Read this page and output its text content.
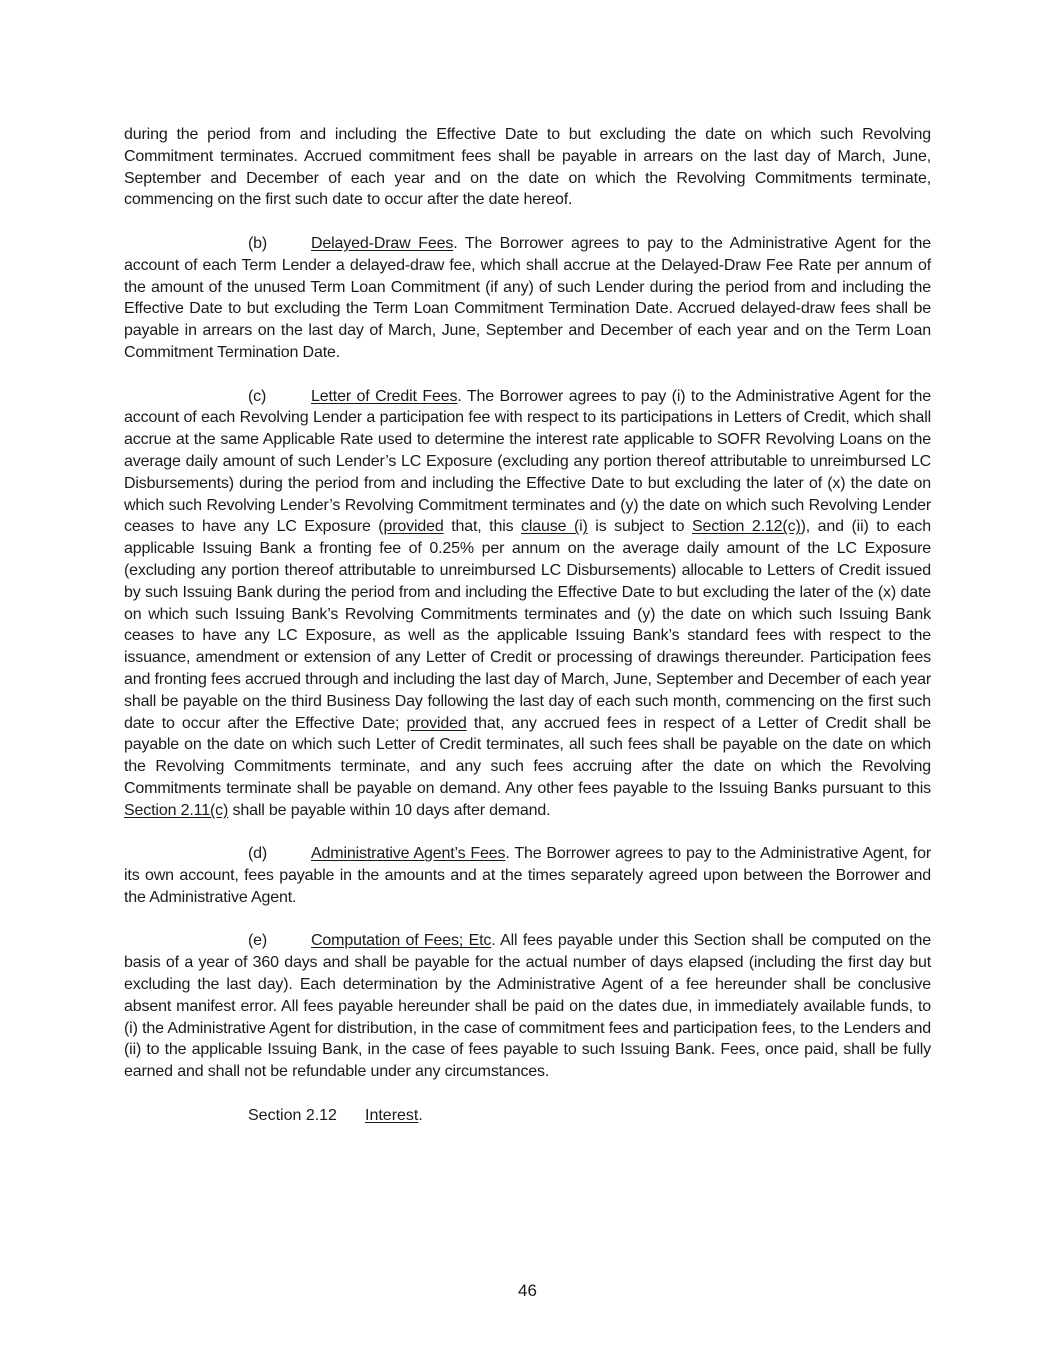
during the period from and including the Effective Date to but excluding the date on which such Revolving Commitment terminates. Accrued commitment fees shall be payable in arrears on the last day of March, June, September and December of each year and on the date on which the Revolving Commitments terminate, commencing on the first such date to occur after the date hereof.

(b)	Delayed-Draw Fees. The Borrower agrees to pay to the Administrative Agent for the account of each Term Lender a delayed-draw fee, which shall accrue at the Delayed-Draw Fee Rate per annum of the amount of the unused Term Loan Commitment (if any) of such Lender during the period from and including the Effective Date to but excluding the Term Loan Commitment Termination Date. Accrued delayed-draw fees shall be payable in arrears on the last day of March, June, September and December of each year and on the Term Loan Commitment Termination Date.

(c)	Letter of Credit Fees. The Borrower agrees to pay (i) to the Administrative Agent for the account of each Revolving Lender a participation fee with respect to its participations in Letters of Credit, which shall accrue at the same Applicable Rate used to determine the interest rate applicable to SOFR Revolving Loans on the average daily amount of such Lender’s LC Exposure (excluding any portion thereof attributable to unreimbursed LC Disbursements) during the period from and including the Effective Date to but excluding the later of (x) the date on which such Revolving Lender’s Revolving Commitment terminates and (y) the date on which such Revolving Lender ceases to have any LC Exposure (provided that, this clause (i) is subject to Section 2.12(c)), and (ii) to each applicable Issuing Bank a fronting fee of 0.25% per annum on the average daily amount of the LC Exposure (excluding any portion thereof attributable to unreimbursed LC Disbursements) allocable to Letters of Credit issued by such Issuing Bank during the period from and including the Effective Date to but excluding the later of the (x) date on which such Issuing Bank’s Revolving Commitments terminates and (y) the date on which such Issuing Bank ceases to have any LC Exposure, as well as the applicable Issuing Bank’s standard fees with respect to the issuance, amendment or extension of any Letter of Credit or processing of drawings thereunder. Participation fees and fronting fees accrued through and including the last day of March, June, September and December of each year shall be payable on the third Business Day following the last day of each such month, commencing on the first such date to occur after the Effective Date; provided that, any accrued fees in respect of a Letter of Credit shall be payable on the date on which such Letter of Credit terminates, all such fees shall be payable on the date on which the Revolving Commitments terminate, and any such fees accruing after the date on which the Revolving Commitments terminate shall be payable on demand. Any other fees payable to the Issuing Banks pursuant to this Section 2.11(c) shall be payable within 10 days after demand.

(d)	Administrative Agent’s Fees. The Borrower agrees to pay to the Administrative Agent, for its own account, fees payable in the amounts and at the times separately agreed upon between the Borrower and the Administrative Agent.

(e)	Computation of Fees; Etc. All fees payable under this Section shall be computed on the basis of a year of 360 days and shall be payable for the actual number of days elapsed (including the first day but excluding the last day). Each determination by the Administrative Agent of a fee hereunder shall be conclusive absent manifest error. All fees payable hereunder shall be paid on the dates due, in immediately available funds, to (i) the Administrative Agent for distribution, in the case of commitment fees and participation fees, to the Lenders and (ii) to the applicable Issuing Bank, in the case of fees payable to such Issuing Bank. Fees, once paid, shall be fully earned and shall not be refundable under any circumstances.

Section 2.12 Interest.

46
